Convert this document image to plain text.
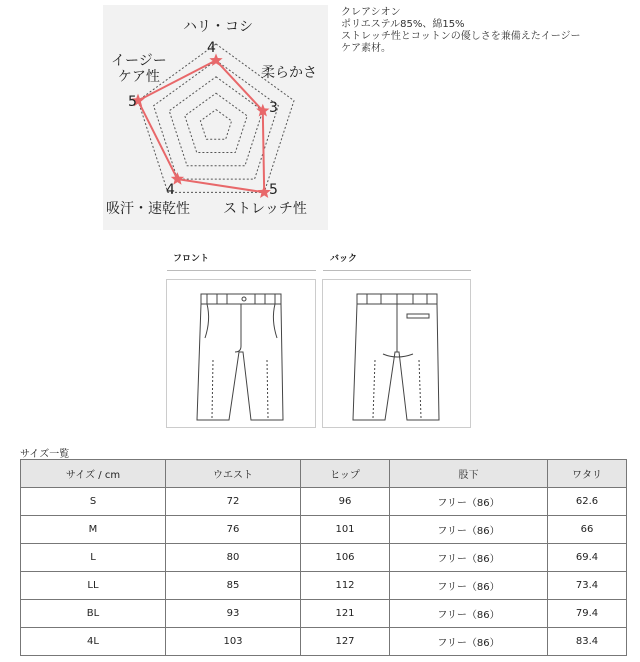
ハリ・コシ
柔らかさ
ストレッチ性
吸汗・速乾性
イージー
ケア性
4
3
5
4
5
クレアシオン
ポリエステル85%、綿15%
ストレッチ性とコットンの優しさを兼備えたイージー
ケア素材。
フロント	バック
サイズ一覧
サイズ / cm	ウエスト	ヒップ	股下	ワタリ
S	72	96	フリー（86）	62.6
M	76	101	フリー（86）	66
L	80	106	フリー（86）	69.4
LL	85	112	フリー（86）	73.4
BL	93	121	フリー（86）	79.4
4L	103	127	フリー（86）	83.4
